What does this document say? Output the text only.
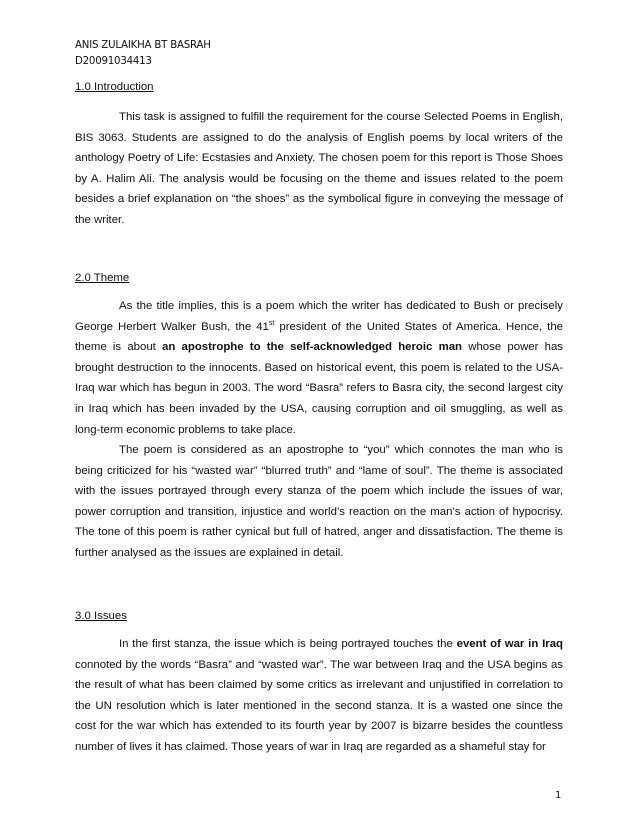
ANIS ZULAIKHA BT BASRAH
D20091034413
1.0 Introduction

This task is assigned to fulfill the requirement for the course Selected Poems in English, BIS 3063. Students are assigned to do the analysis of English poems by local writers of the anthology Poetry of Life: Ecstasies and Anxiety. The chosen poem for this report is Those Shoes by A. Halim Ali. The analysis would be focusing on the theme and issues related to the poem besides a brief explanation on “the shoes” as the symbolical figure in conveying the message of the writer.

2.0 Theme

As the title implies, this is a poem which the writer has dedicated to Bush or precisely George Herbert Walker Bush, the 41st president of the United States of America. Hence, the theme is about an apostrophe to the self-acknowledged heroic man whose power has brought destruction to the innocents. Based on historical event, this poem is related to the USA-Iraq war which has begun in 2003. The word “Basra” refers to Basra city, the second largest city in Iraq which has been invaded by the USA, causing corruption and oil smuggling, as well as long-term economic problems to take place.

The poem is considered as an apostrophe to “you” which connotes the man who is being criticized for his “wasted war” “blurred truth” and “lame of soul”. The theme is associated with the issues portrayed through every stanza of the poem which include the issues of war, power corruption and transition, injustice and world’s reaction on the man’s action of hypocrisy. The tone of this poem is rather cynical but full of hatred, anger and dissatisfaction. The theme is further analysed as the issues are explained in detail.

3.0 Issues

In the first stanza, the issue which is being portrayed touches the event of war in Iraq connoted by the words “Basra” and “wasted war”. The war between Iraq and the USA begins as the result of what has been claimed by some critics as irrelevant and unjustified in correlation to the UN resolution which is later mentioned in the second stanza. It is a wasted one since the cost for the war which has extended to its fourth year by 2007 is bizarre besides the countless number of lives it has claimed. Those years of war in Iraq are regarded as a shameful stay for

1
